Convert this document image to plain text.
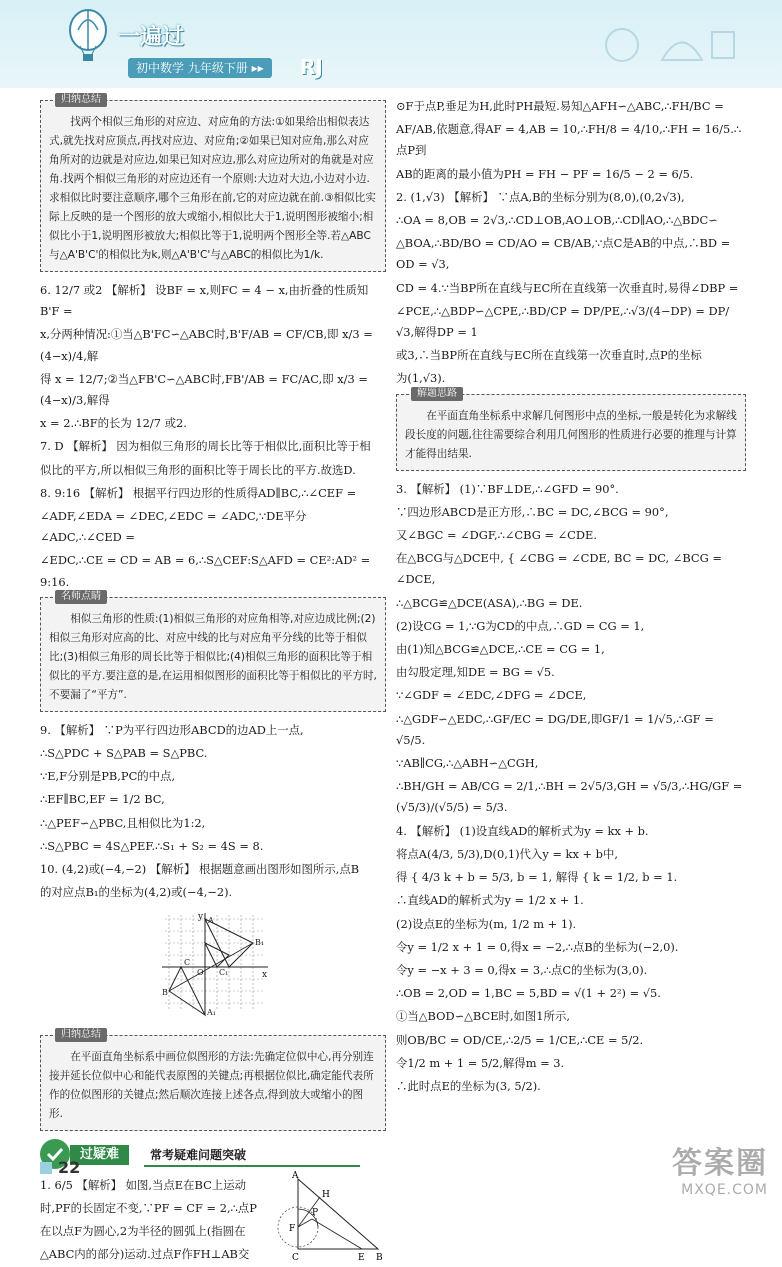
一遍过
初中数学 九年级下册 ▸▸	RJ
归纳总结
找两个相似三角形的对应边、对应角的方法:①如果给出相似表达式,就先找对应顶点,再找对应边、对应角;②如果已知对应角,那么对应角所对的边就是对应边,如果已知对应边,那么对应边所对的角就是对应角.找两个相似三角形的对应边还有一个原则:大边对大边,小边对小边.求相似比时要注意顺序,哪个三角形在前,它的对应边就在前.③相似比实际上反映的是一个图形的放大或缩小,相似比大于1,说明图形被缩小;相似比小于1,说明图形被放大;相似比等于1,说明两个图形全等.若△ABC与△A'B'C'的相似比为k,则△A'B'C'与△ABC的相似比为1/k.
6. 12/7 或2 【解析】 设BF = x,则FC = 4 − x,由折叠的性质知B'F =
x,分两种情况:①当△B'FC∽△ABC时,B'F/AB = CF/CB,即 x/3 = (4−x)/4,解
得 x = 12/7;②当△FB'C∽△ABC时,FB'/AB = FC/AC,即 x/3 = (4−x)/3,解得
x = 2.∴BF的长为 12/7 或2.
7. D 【解析】 因为相似三角形的周长比等于相似比,面积比等于相
似比的平方,所以相似三角形的面积比等于周长比的平方.故选D.
8. 9:16 【解析】 根据平行四边形的性质得AD∥BC,∴∠CEF =
∠ADF,∠EDA = ∠DEC,∠EDC = ∠ADC,∵DE平分∠ADC,∴∠CED =
∠EDC,∴CE = CD = AB = 6,∴S△CEF:S△AFD = CE²:AD² = 9:16.
名师点睛
相似三角形的性质:(1)相似三角形的对应角相等,对应边成比例;(2)相似三角形对应高的比、对应中线的比与对应角平分线的比等于相似比;(3)相似三角形的周长比等于相似比;(4)相似三角形的面积比等于相似比的平方.要注意的是,在运用相似图形的面积比等于相似比的平方时,不要漏了“平方”.
9. 【解析】 ∵P为平行四边形ABCD的边AD上一点,
∴S△PDC + S△PAB = S△PBC.
∵E,F分别是PB,PC的中点,
∴EF∥BC,EF = 1/2 BC,
∴△PEF∽△PBC,且相似比为1:2,
∴S△PBC = 4S△PEF.∴S₁ + S₂ = 4S = 8.
10. (4,2)或(−4,−2) 【解析】 根据题意画出图形如图所示,点B
的对应点B₁的坐标为(4,2)或(−4,−2).
y
x
A
B
C
B₁
A₁
C₁
O
归纳总结
在平面直角坐标系中画位似图形的方法:先确定位似中心,再分别连接并延长位似中心和能代表原图的关键点;再根据位似比,确定能代表所作的位似图形的关键点;然后顺次连接上述各点,得到放大或缩小的图形.
过疑难	常考疑难问题突破
1. 6/5 【解析】 如图,当点E在BC上运动
时,PF的长固定不变,∵PF = CF = 2,∴点P
在以点F为圆心,2为半径的圆弧上(指圆在
△ABC内的部分)运动.过点F作FH⊥AB交
A
H
P
F
C	E B
⊙F于点P,垂足为H,此时PH最短.易知△AFH∽△ABC,∴FH/BC =
AF/AB,依题意,得AF = 4,AB = 10,∴FH/8 = 4/10,∴FH = 16/5.∴点P到
AB的距离的最小值为PH = FH − PF = 16/5 − 2 = 6/5.
2. (1,√3) 【解析】 ∵点A,B的坐标分别为(8,0),(0,2√3),
∴OA = 8,OB = 2√3,∴CD⊥OB,AO⊥OB,∴CD∥AO,∴△BDC∽
△BOA,∴BD/BO = CD/AO = CB/AB,∵点C是AB的中点,∴BD = OD = √3,
CD = 4.∵当BP所在直线与EC所在直线第一次垂直时,易得∠DBP =
∠PCE,∴△BDP∽△CPE,∴BD/CP = DP/PE,∴√3/(4−DP) = DP/√3,解得DP = 1
或3,∴当BP所在直线与EC所在直线第一次垂直时,点P的坐标
为(1,√3).
解题思路
在平面直角坐标系中求解几何图形中点的坐标,一般是转化为求解线段长度的问题,往往需要综合利用几何图形的性质进行必要的推理与计算才能得出结果.
3. 【解析】 (1)∵BF⊥DE,∴∠GFD = 90°.
∵四边形ABCD是正方形,∴BC = DC,∠BCG = 90°,
又∠BGC = ∠DGF,∴∠CBG = ∠CDE.
在△BCG与△DCE中, { ∠CBG = ∠CDE, BC = DC, ∠BCG = ∠DCE,
∴△BCG≌△DCE(ASA),∴BG = DE.
(2)设CG = 1,∵G为CD的中点,∴GD = CG = 1,
由(1)知△BCG≌△DCE,∴CE = CG = 1,
由勾股定理,知DE = BG = √5.
∵∠GDF = ∠EDC,∠DFG = ∠DCE,
∴△GDF∽△EDC,∴GF/EC = DG/DE,即GF/1 = 1/√5,∴GF = √5/5.
∵AB∥CG,∴△ABH∽△CGH,
∴BH/GH = AB/CG = 2/1,∴BH = 2√5/3,GH = √5/3,∴HG/GF = (√5/3)/(√5/5) = 5/3.
4. 【解析】 (1)设直线AD的解析式为y = kx + b.
将点A(4/3, 5/3),D(0,1)代入y = kx + b中,
得 { 4/3 k + b = 5/3, b = 1, 解得 { k = 1/2, b = 1.
∴直线AD的解析式为y = 1/2 x + 1.
(2)设点E的坐标为(m, 1/2 m + 1).
令y = 1/2 x + 1 = 0,得x = −2,∴点B的坐标为(−2,0).
令y = −x + 3 = 0,得x = 3,∴点C的坐标为(3,0).
∴OB = 2,OD = 1,BC = 5,BD = √(1 + 2²) = √5.
①当△BOD∽△BCE时,如图1所示,
则OB/BC = OD/CE,∴2/5 = 1/CE,∴CE = 5/2.
令1/2 m + 1 = 5/2,解得m = 3.
∴此时点E的坐标为(3, 5/2).
22	答案圈
MXQE.COM
